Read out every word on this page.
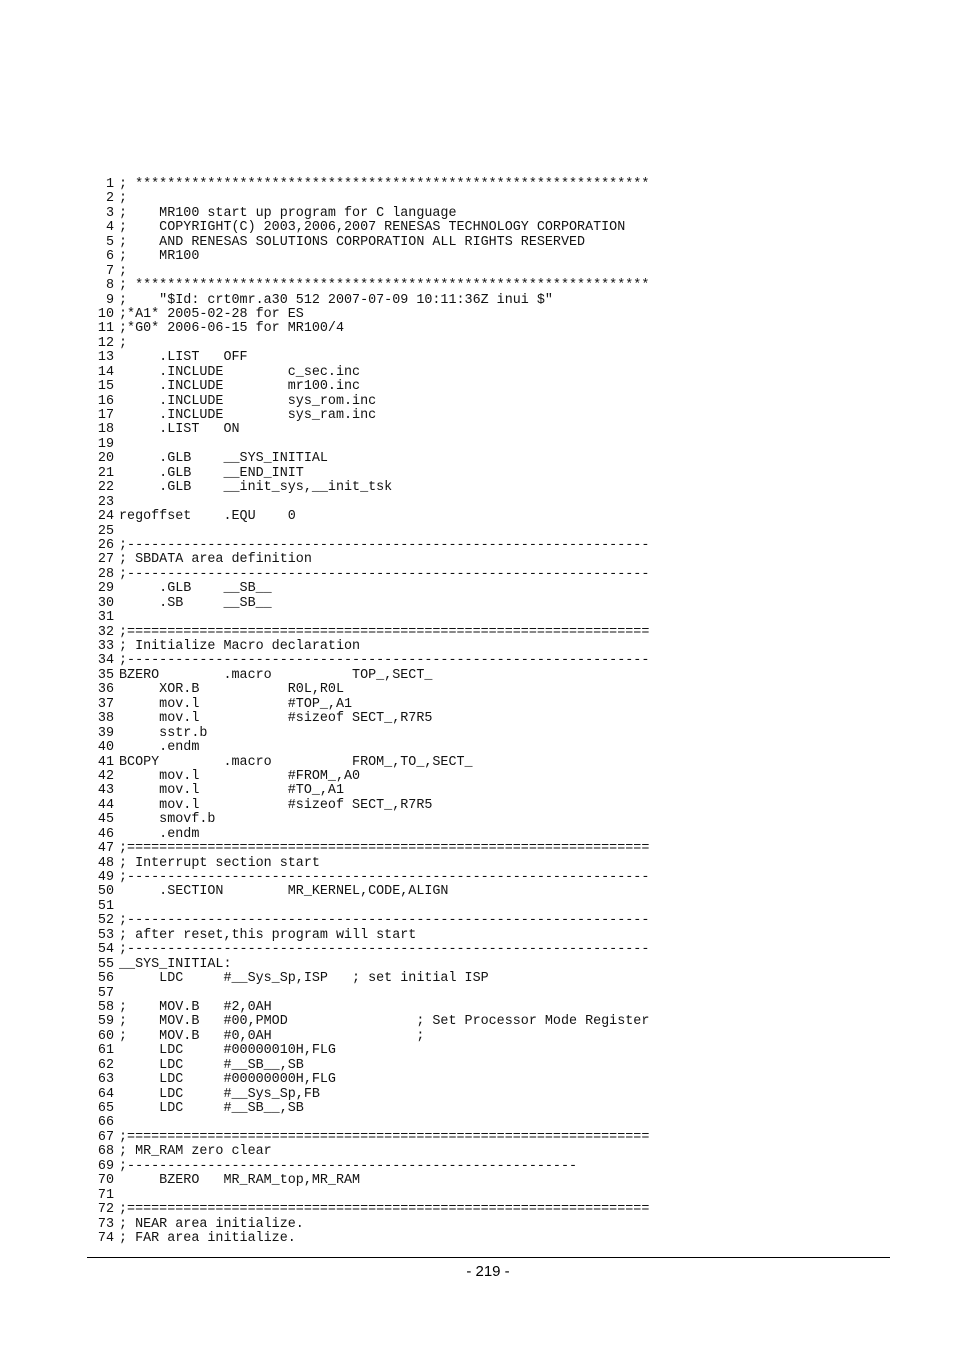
1 ; ****************************************************************
2 ;
3 ;    MR100 start up program for C language
4 ;    COPYRIGHT(C) 2003,2006,2007 RENESAS TECHNOLOGY CORPORATION
5 ;    AND RENESAS SOLUTIONS CORPORATION ALL RIGHTS RESERVED
6 ;    MR100
7 ;
8 ; ****************************************************************
9 ;    "$Id: crt0mr.a30 512 2007-07-09 10:11:36Z inui $"
10 ;*A1* 2005-02-28 for ES
11 ;*G0* 2006-06-15 for MR100/4
12 ;
13     .LIST   OFF
14     .INCLUDE        c_sec.inc
15     .INCLUDE        mr100.inc
16     .INCLUDE        sys_rom.inc
17     .INCLUDE        sys_ram.inc
18     .LIST   ON
19
20     .GLB    __SYS_INITIAL
21     .GLB    __END_INIT
22     .GLB    __init_sys,__init_tsk
23
24 regoffset    .EQU    0
25
26 ;-----------------------------------------------------------------
27 ; SBDATA area definition
28 ;-----------------------------------------------------------------
29     .GLB    __SB__
30     .SB     __SB__
31
32 ;=================================================================
33 ; Initialize Macro declaration
34 ;-----------------------------------------------------------------
35 BZERO        .macro          TOP_,SECT_
36     XOR.B           R0L,R0L
37     mov.l           #TOP_,A1
38     mov.l           #sizeof SECT_,R7R5
39     sstr.b
40     .endm
41 BCOPY        .macro          FROM_,TO_,SECT_
42     mov.l           #FROM_,A0
43     mov.l           #TO_,A1
44     mov.l           #sizeof SECT_,R7R5
45     smovf.b
46     .endm
47 ;=================================================================
48 ; Interrupt section start
49 ;-----------------------------------------------------------------
50     .SECTION        MR_KERNEL,CODE,ALIGN
51
52 ;-----------------------------------------------------------------
53 ; after reset,this program will start
54 ;-----------------------------------------------------------------
55 __SYS_INITIAL:
56     LDC     #__Sys_Sp,ISP   ; set initial ISP
57
58 ;    MOV.B   #2,0AH
59 ;    MOV.B   #00,PMOD                ; Set Processor Mode Register
60 ;    MOV.B   #0,0AH                  ;
61     LDC     #00000010H,FLG
62     LDC     #__SB__,SB
63     LDC     #00000000H,FLG
64     LDC     #__Sys_Sp,FB
65     LDC     #__SB__,SB
66
67 ;=================================================================
68 ; MR_RAM zero clear
69 ;--------------------------------------------------------
70     BZERO   MR_RAM_top,MR_RAM
71
72 ;=================================================================
73 ; NEAR area initialize.
74 ; FAR area initialize.
- 219 -
